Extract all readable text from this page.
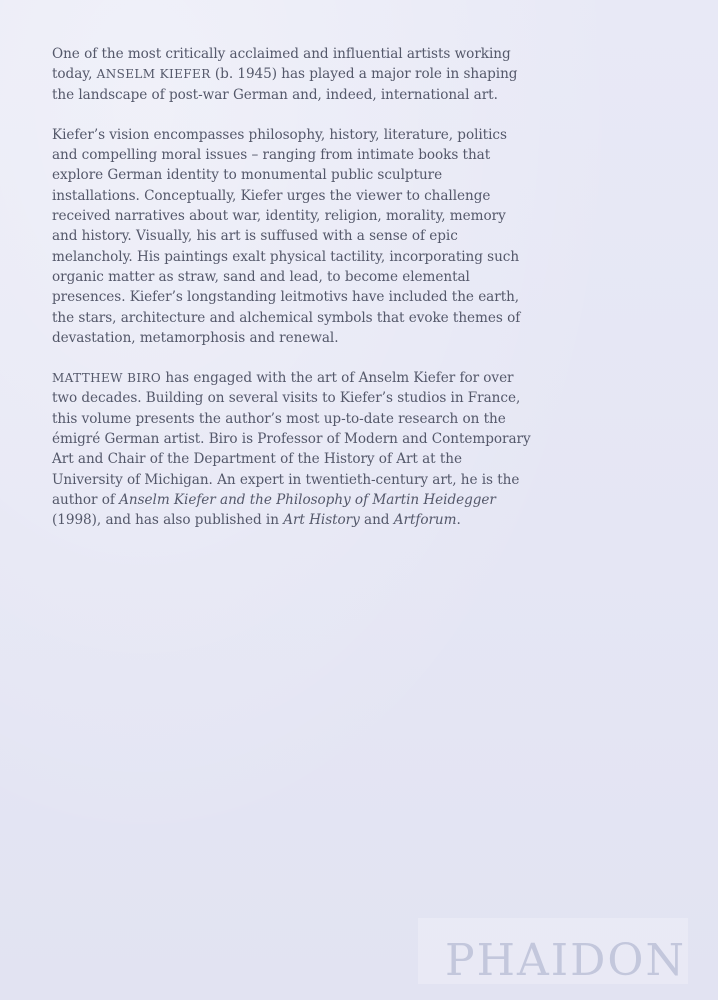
One of the most critically acclaimed and influential artists working
today, ANSELM KIEFER (b. 1945) has played a major role in shaping the landscape of post-war German and, indeed, international art.

Kiefer’s vision encompasses philosophy, history, literature, politics and compelling moral issues – ranging from intimate books that explore German identity to monumental public sculpture installations. Conceptually, Kiefer urges the viewer to challenge received narratives about war, identity, religion, morality, memory and history. Visually, his art is suffused with a sense of epic melancholy. His paintings exalt physical tactility, incorporating such organic matter as straw, sand and lead, to become elemental presences. Kiefer’s longstanding leitmotivs have included the earth, the stars, architecture and alchemical symbols that evoke themes of devastation, metamorphosis and renewal.

MATTHEW BIRO has engaged with the art of Anselm Kiefer for over two decades. Building on several visits to Kiefer’s studios in France, this volume presents the author’s most up-to-date research on the émigré German artist. Biro is Professor of Modern and Contemporary Art and Chair of the Department of the History of Art at the University of Michigan. An expert in twentieth-century art, he is the author of Anselm Kiefer and the Philosophy of Martin Heidegger (1998), and has also published in Art History and Artforum.

PHAIDON
